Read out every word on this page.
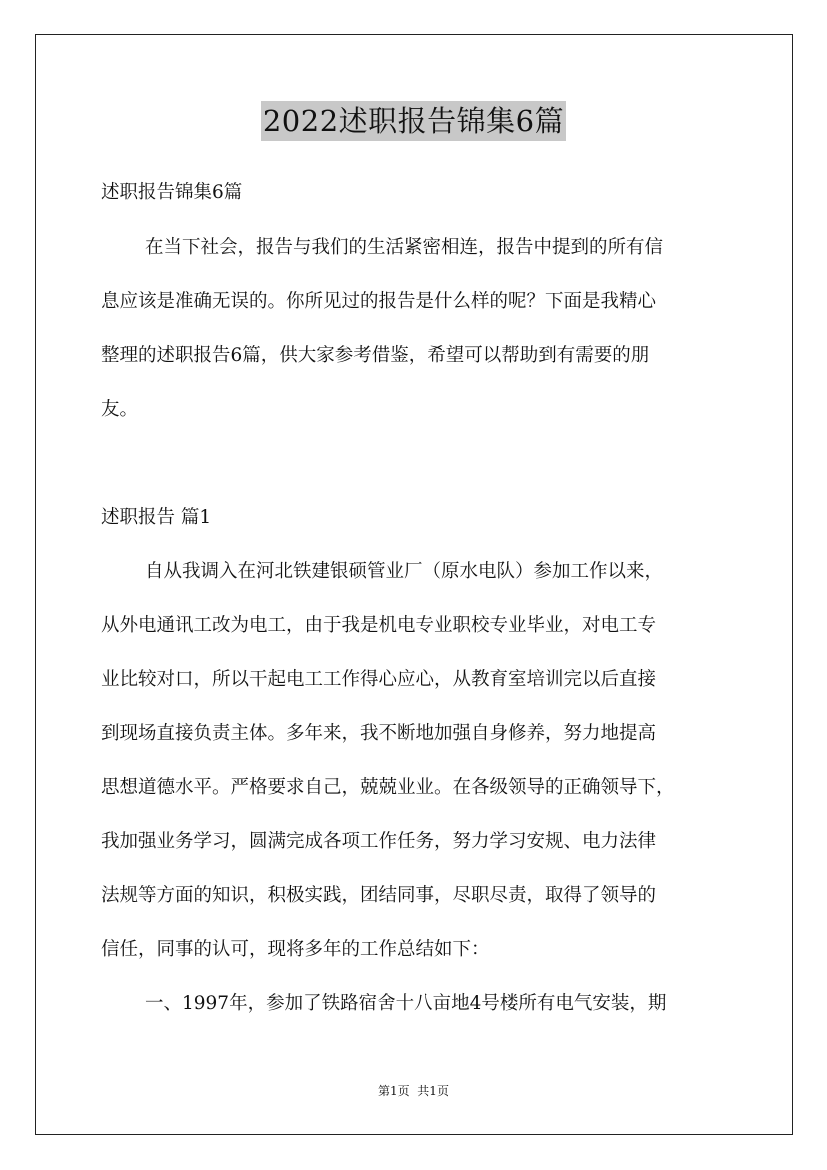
2022述职报告锦集6篇
述职报告锦集6篇
在当下社会，报告与我们的生活紧密相连，报告中提到的所有信
息应该是准确无误的。你所见过的报告是什么样的呢？下面是我精心
整理的述职报告6篇，供大家参考借鉴，希望可以帮助到有需要的朋
友。
述职报告 篇1
自从我调入在河北铁建银硕管业厂（原水电队）参加工作以来，
从外电通讯工改为电工，由于我是机电专业职校专业毕业，对电工专
业比较对口，所以干起电工工作得心应心，从教育室培训完以后直接
到现场直接负责主体。多年来，我不断地加强自身修养，努力地提高
思想道德水平。严格要求自己，兢兢业业。在各级领导的正确领导下，
我加强业务学习，圆满完成各项工作任务，努力学习安规、电力法律
法规等方面的知识，积极实践，团结同事，尽职尽责，取得了领导的
信任，同事的认可，现将多年的工作总结如下：
一、1997年，参加了铁路宿舍十八亩地4号楼所有电气安装，期
第1页  共1页
